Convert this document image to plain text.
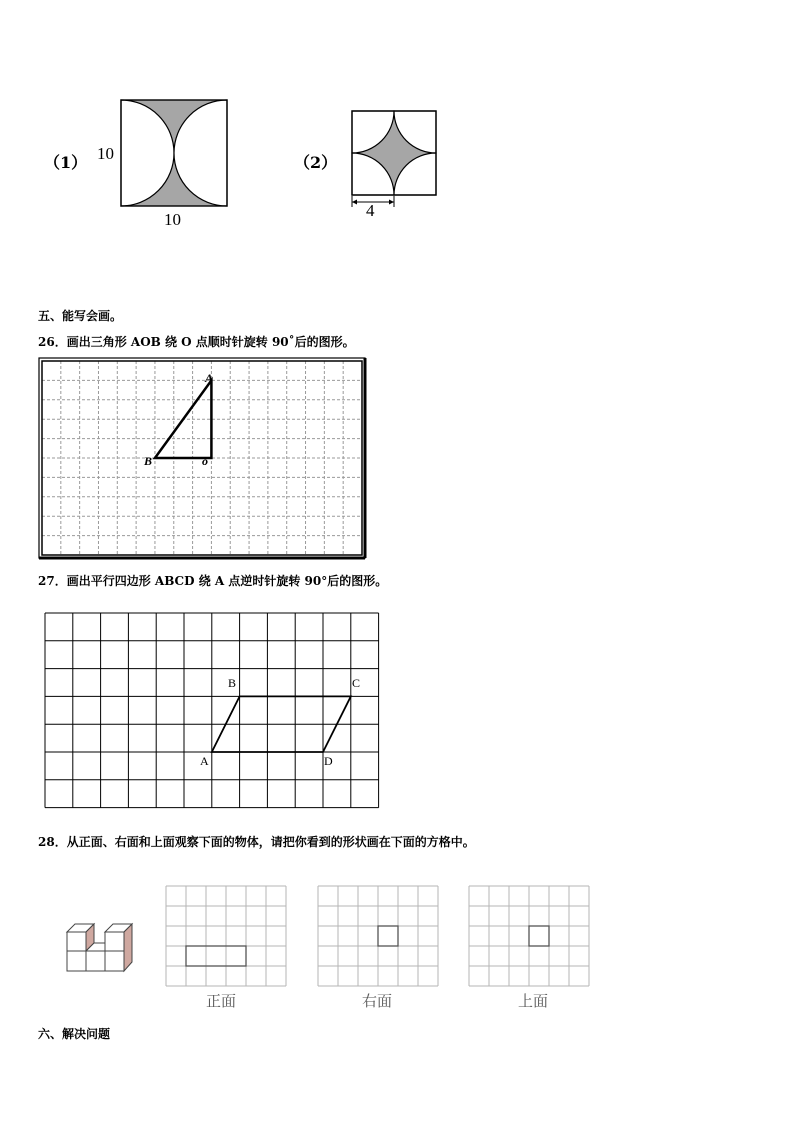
（1） 10
10
（2）
4
五、能写会画。
26．画出三角形 AOB 绕 O 点顺时针旋转 90˚后的图形。
A
B	o
27．画出平行四边形 ABCD 绕 A 点逆时针旋转 90°后的图形。
B	C
A	D
28．从正面、右面和上面观察下面的物体，请把你看到的形状画在下面的方格中。
正面	右面	上面
六、解决问题
